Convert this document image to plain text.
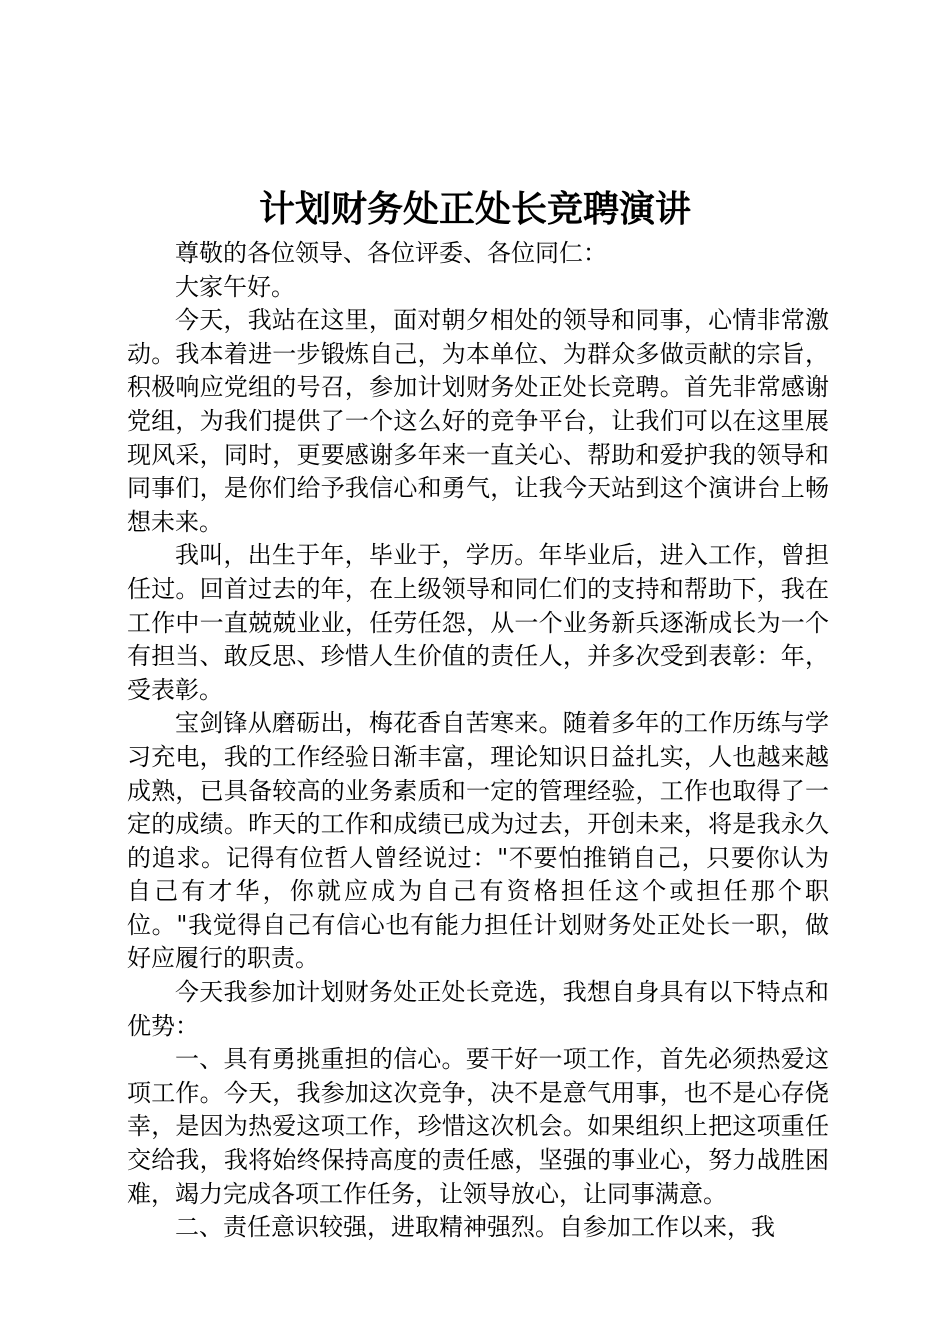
计划财务处正处长竞聘演讲

尊敬的各位领导、各位评委、各位同仁：

大家午好。

今天，我站在这里，面对朝夕相处的领导和同事，心情非常激动。我本着进一步锻炼自己，为本单位、为群众多做贡献的宗旨，积极响应党组的号召，参加计划财务处正处长竞聘。首先非常感谢党组，为我们提供了一个这么好的竞争平台，让我们可以在这里展现风采，同时，更要感谢多年来一直关心、帮助和爱护我的领导和同事们，是你们给予我信心和勇气，让我今天站到这个演讲台上畅想未来。

我叫，出生于年，毕业于，学历。年毕业后，进入工作，曾担任过。回首过去的年，在上级领导和同仁们的支持和帮助下，我在工作中一直兢兢业业，任劳任怨，从一个业务新兵逐渐成长为一个有担当、敢反思、珍惜人生价值的责任人，并多次受到表彰：年，受表彰。

宝剑锋从磨砺出，梅花香自苦寒来。随着多年的工作历练与学习充电，我的工作经验日渐丰富，理论知识日益扎实，人也越来越成熟，已具备较高的业务素质和一定的管理经验，工作也取得了一定的成绩。昨天的工作和成绩已成为过去，开创未来，将是我永久的追求。记得有位哲人曾经说过："不要怕推销自己，只要你认为自己有才华，你就应成为自己有资格担任这个或担任那个职位。"我觉得自己有信心也有能力担任计划财务处正处长一职，做好应履行的职责。

今天我参加计划财务处正处长竞选，我想自身具有以下特点和优势：

一、具有勇挑重担的信心。要干好一项工作，首先必须热爱这项工作。今天，我参加这次竞争，决不是意气用事，也不是心存侥幸，是因为热爱这项工作，珍惜这次机会。如果组织上把这项重任交给我，我将始终保持高度的责任感，坚强的事业心，努力战胜困难，竭力完成各项工作任务，让领导放心，让同事满意。

二、责任意识较强，进取精神强烈。自参加工作以来，我
